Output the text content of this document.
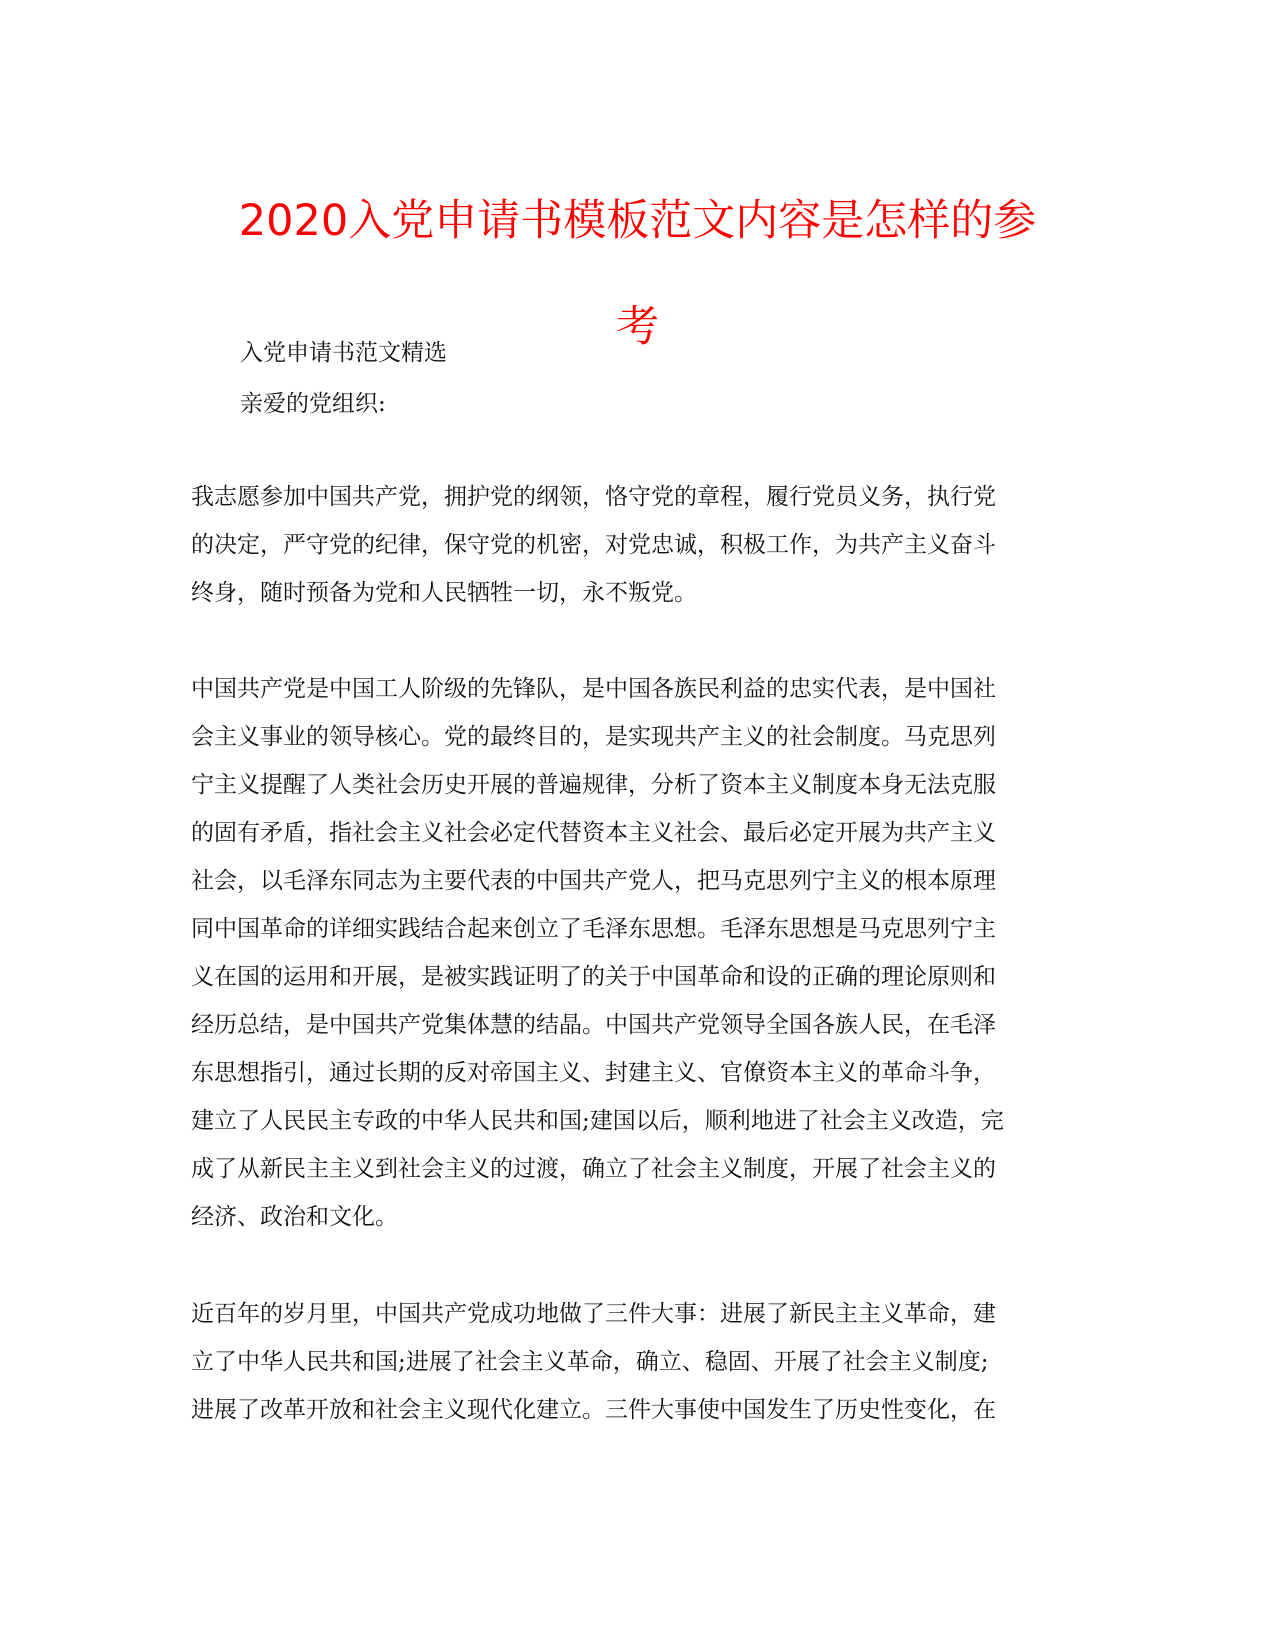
2020入党申请书模板范文内容是怎样的参
考

入党申请书范文精选

亲爱的党组织:

我志愿参加中国共产党，拥护党的纲领，恪守党的章程，履行党员义务，执行党
的决定，严守党的纪律，保守党的机密，对党忠诚，积极工作，为共产主义奋斗
终身，随时预备为党和人民牺牲一切，永不叛党。
中国共产党是中国工人阶级的先锋队，是中国各族民利益的忠实代表，是中国社
会主义事业的领导核心。党的最终目的，是实现共产主义的社会制度。马克思列
宁主义提醒了人类社会历史开展的普遍规律，分析了资本主义制度本身无法克服
的固有矛盾，指社会主义社会必定代替资本主义社会、最后必定开展为共产主义
社会，以毛泽东同志为主要代表的中国共产党人，把马克思列宁主义的根本原理
同中国革命的详细实践结合起来创立了毛泽东思想。毛泽东思想是马克思列宁主
义在国的运用和开展，是被实践证明了的关于中国革命和设的正确的理论原则和
经历总结，是中国共产党集体慧的结晶。中国共产党领导全国各族人民，在毛泽
东思想指引，通过长期的反对帝国主义、封建主义、官僚资本主义的革命斗争，
建立了人民民主专政的中华人民共和国;建国以后，顺利地进了社会主义改造，完
成了从新民主主义到社会主义的过渡，确立了社会主义制度，开展了社会主义的
经济、政治和文化。
近百年的岁月里，中国共产党成功地做了三件大事：进展了新民主主义革命，建
立了中华人民共和国;进展了社会主义革命，确立、稳固、开展了社会主义制度;
进展了改革开放和社会主义现代化建立。三件大事使中国发生了历史性变化，在
